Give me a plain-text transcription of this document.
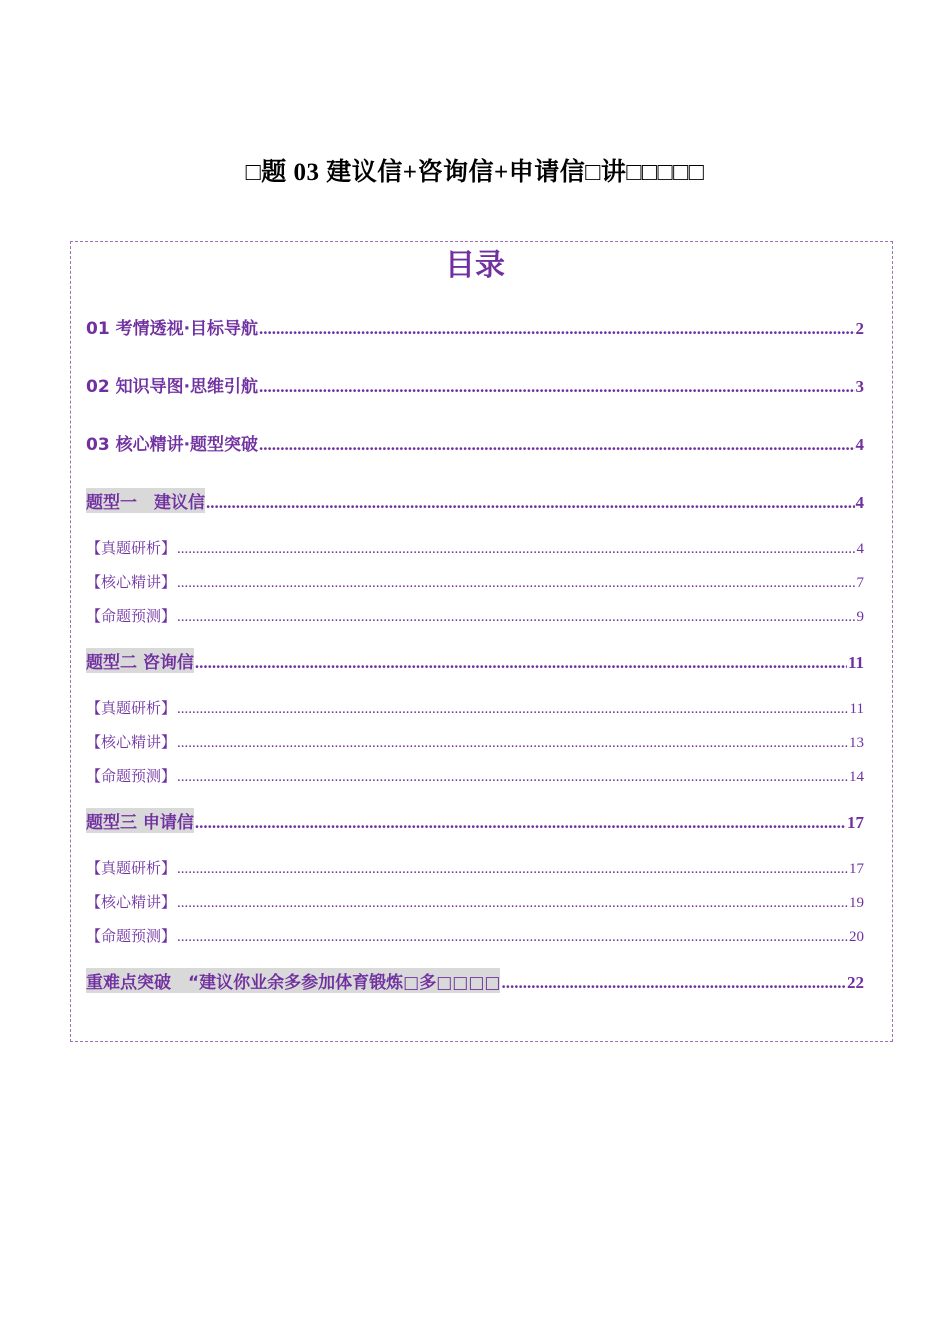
□题 03 建议信+咨询信+申请信□讲□□□□□
目录
01 考情透视·目标导航 .....	2
02 知识导图·思维引航 .....	3
03 核心精讲·题型突破 .....	4
题型一　建议信 .....	4
【真题研析】 .....	4
【核心精讲】 .....	7
【命题预测】 .....	9
题型二 咨询信 .....	11
【真题研析】 .....	11
【核心精讲】 .....	13
【命题预测】 .....	14
题型三 申请信 .....	17
【真题研析】 .....	17
【核心精讲】 .....	19
【命题预测】 .....	20
重难点突破　“建议你业余多参加体育锻炼□多□□□□ .....	22
